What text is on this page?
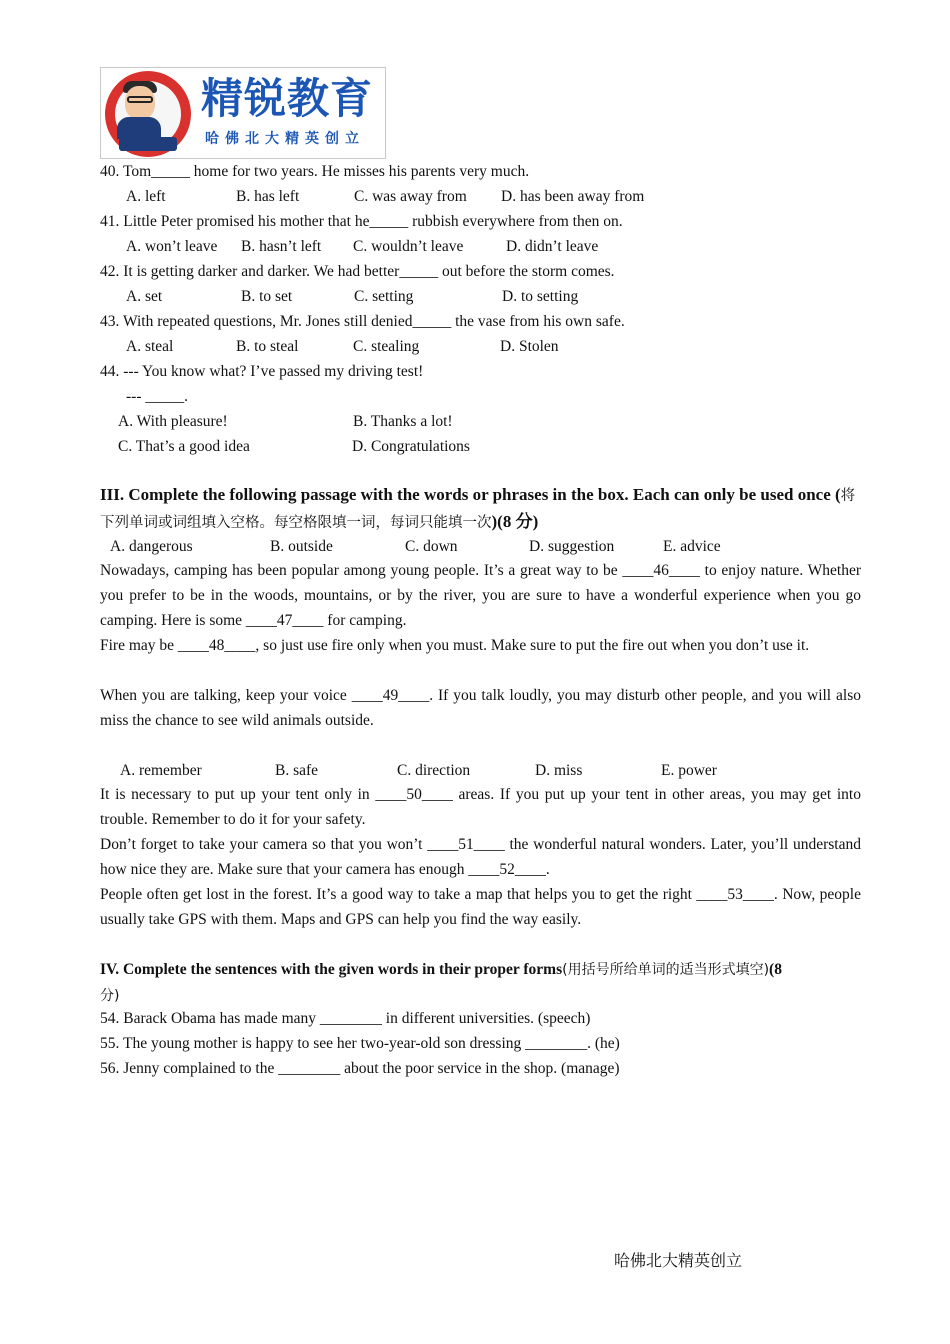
精锐教育
哈佛北大精英创立
40. Tom_____ home for two years. He misses his parents very much.
A. left	B. has left	C. was away from D. has been away from
41. Little Peter promised his mother that he_____ rubbish everywhere from then on.
A. won’t leave B. hasn’t left C. wouldn’t leave	D. didn’t leave
42. It is getting darker and darker. We had better_____ out before the storm comes.
A. set	B. to set	C. setting	D. to setting
43. With repeated questions, Mr. Jones still denied_____ the vase from his own safe.
A. steal	B. to steal	C. stealing	D. Stolen
44. --- You know what? I’ve passed my driving test!
--- _____.
A. With pleasure!	B. Thanks a lot!
C. That’s a good idea	D. Congratulations
III. Complete the following passage with the words or phrases in the box. Each can only be used once (将下列单词或词组填入空格。每空格限填一词，每词只能填一次)(8 分)
A. dangerous	B. outside	C. down	D. suggestion	E. advice
Nowadays, camping has been popular among young people. It’s a great way to be ____46____ to enjoy nature. Whether you prefer to be in the woods, mountains, or by the river, you are sure to have a wonderful experience when you go camping. Here is some ____47____ for camping.
Fire may be ____48____, so just use fire only when you must. Make sure to put the fire out when you don’t use it.
When you are talking, keep your voice ____49____. If you talk loudly, you may disturb other people, and you will also miss the chance to see wild animals outside.
A. remember	B. safe	C. direction	D. miss	E. power
It is necessary to put up your tent only in ____50____ areas. If you put up your tent in other areas, you may get into trouble. Remember to do it for your safety.
Don’t forget to take your camera so that you won’t ____51____ the wonderful natural wonders. Later, you’ll understand how nice they are. Make sure that your camera has enough ____52____.
People often get lost in the forest. It’s a good way to take a map that helps you to get the right ____53____. Now, people usually take GPS with them. Maps and GPS can help you find the way easily.
IV. Complete the sentences with the given words in their proper forms(用括号所给单词的适当形式填空)(8
分)
54. Barack Obama has made many ________ in different universities. (speech)
55. The young mother is happy to see her two-year-old son dressing ________. (he)
56. Jenny complained to the ________ about the poor service in the shop. (manage)
哈佛北大精英创立
